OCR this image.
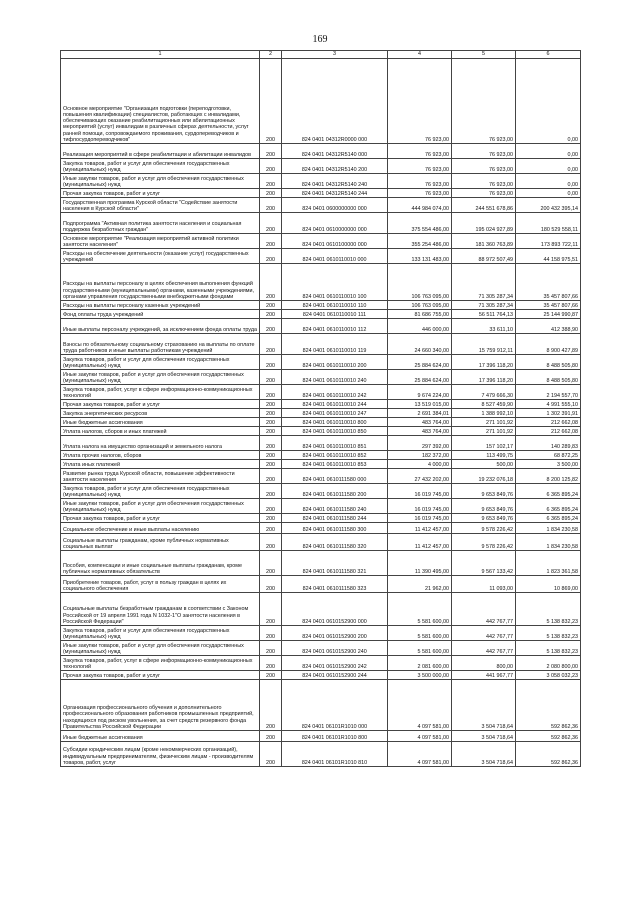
169
1	2	3	4	5	6
Основное мероприятие "Организация подготовки (переподготовки, повышения квалификации) специалистов, работающих с инвалидами, обеспечивающих оказание реабилитационных или абилитационных мероприятий (услуг) инвалидам в различных сферах деятельности, услуг ранней помощи, сопровождаемого проживания, сурдопереводчиков и тифлосурдопереводчиков"	200	824 0401 04312R0000 000	76 923,00	76 923,00	0,00
Реализация мероприятий в сфере реабилитации и абилитации инвалидов	200	824 0401 04312R5140 000	76 923,00	76 923,00	0,00
Закупка товаров, работ и услуг для обеспечения государственных (муниципальных) нужд	200	824 0401 04312R5140 200	76 923,00	76 923,00	0,00
Иные закупки товаров, работ и услуг для обеспечения государственных (муниципальных) нужд	200	824 0401 04312R5140 240	76 923,00	76 923,00	0,00
Прочая закупка товаров, работ и услуг	200	824 0401 04312R5140 244	76 923,00	76 923,00	0,00
Государственная программа Курской области "Содействие занятости населения в Курской области"	200	824 0401 0600000000 000	444 984 074,00	244 551 678,86	200 432 395,14
Подпрограмма "Активная политика занятости населения и социальная поддержка безработных граждан"	200	824 0401 0610000000 000	375 554 486,00	195 024 927,89	180 529 558,11
Основное мероприятие "Реализация мероприятий активной политики занятости населения"	200	824 0401 0610100000 000	355 254 486,00	181 360 763,89	173 893 722,11
Расходы на обеспечение деятельности (оказание услуг) государственных учреждений	200	824 0401 0610110010 000	133 131 483,00	88 972 507,49	44 158 975,51
Расходы на выплаты персоналу в целях обеспечения выполнения функций государственными (муниципальными) органами, казенными учреждениями, органами управления государственными внебюджетными фондами	200	824 0401 0610110010 100	106 763 095,00	71 305 287,34	35 457 807,66
Расходы на выплаты персоналу казенных учреждений	200	824 0401 0610110010 110	106 763 095,00	71 305 287,34	35 457 807,66
Фонд оплаты труда учреждений	200	824 0401 0610110010 111	81 686 755,00	56 511 764,13	25 144 990,87
Иные выплаты персоналу учреждений, за исключением фонда оплаты труда	200	824 0401 0610110010 112	446 000,00	33 611,10	412 388,90
Взносы по обязательному социальному страхованию на выплаты по оплате труда работников и иные выплаты работникам учреждений	200	824 0401 0610110010 119	24 660 340,00	15 759 912,11	8 900 427,89
Закупка товаров, работ и услуг для обеспечения государственных (муниципальных) нужд	200	824 0401 0610110010 200	25 884 624,00	17 396 118,20	8 488 505,80
Иные закупки товаров, работ и услуг для обеспечения государственных (муниципальных) нужд	200	824 0401 0610110010 240	25 884 624,00	17 396 118,20	8 488 505,80
Закупка товаров, работ, услуг в сфере информационно-коммуникационных технологий	200	824 0401 0610110010 242	9 674 224,00	7 479 666,30	2 194 557,70
Прочая закупка товаров, работ и услуг	200	824 0401 0610110010 244	13 519 015,00	8 527 459,90	4 991 555,10
Закупка энергетических ресурсов	200	824 0401 0610110010 247	2 691 384,01	1 388 992,10	1 302 391,91
Иные бюджетные ассигнования	200	824 0401 0610110010 800	483 764,00	271 101,92	212 662,08
Уплата налогов, сборов и иных платежей	200	824 0401 0610110010 850	483 764,00	271 101,92	212 662,08
Уплата налога на имущество организаций и земельного налога	200	824 0401 0610110010 851	297 392,00	157 102,17	140 289,83
Уплата прочих налогов, сборов	200	824 0401 0610110010 852	182 372,00	113 499,75	68 872,25
Уплата иных платежей	200	824 0401 0610110010 853	4 000,00	500,00	3 500,00
Развитие рынка труда Курской области, повышение эффективности занятости населения	200	824 0401 0610111580 000	27 432 202,00	19 232 076,18	8 200 125,82
Закупка товаров, работ и услуг для обеспечения государственных (муниципальных) нужд	200	824 0401 0610111580 200	16 019 745,00	9 653 849,76	6 365 895,24
Иные закупки товаров, работ и услуг для обеспечения государственных (муниципальных) нужд	200	824 0401 0610111580 240	16 019 745,00	9 653 849,76	6 365 895,24
Прочая закупка товаров, работ и услуг	200	824 0401 0610111580 244	16 019 745,00	9 653 849,76	6 365 895,24
Социальное обеспечение и иные выплаты населению	200	824 0401 0610111580 300	11 412 457,00	9 578 226,42	1 834 230,58
Социальные выплаты гражданам, кроме публичных нормативных социальных выплат	200	824 0401 0610111580 320	11 412 457,00	9 578 226,42	1 834 230,58
Пособия, компенсации и иные социальные выплаты гражданам, кроме публичных нормативных обязательств	200	824 0401 0610111580 321	11 390 495,00	9 567 133,42	1 823 361,58
Приобретение товаров, работ, услуг в пользу граждан в целях их социального обеспечения	200	824 0401 0610111580 323	21 962,00	11 093,00	10 869,00
Социальные выплаты безработным гражданам в соответствии с Законом Российской от 19 апреля 1991 года N 1032-1"О занятости населения в Российской Федерации"	200	824 0401 0610152900 000	5 581 600,00	442 767,77	5 138 832,23
Закупка товаров, работ и услуг для обеспечения государственных (муниципальных) нужд	200	824 0401 0610152900 200	5 581 600,00	442 767,77	5 138 832,23
Иные закупки товаров, работ и услуг для обеспечения государственных (муниципальных) нужд	200	824 0401 0610152900 240	5 581 600,00	442 767,77	5 138 832,23
Закупка товаров, работ, услуг в сфере информационно-коммуникационных технологий	200	824 0401 0610152900 242	2 081 600,00	800,00	2 080 800,00
Прочая закупка товаров, работ и услуг	200	824 0401 0610152900 244	3 500 000,00	441 967,77	3 058 032,23
Организация профессионального обучения и дополнительного профессионального образования работников промышленных предприятий, находящихся под риском увольнения, за счет средств резервного фонда Правительства Российской Федерации	200	824 0401 06101R1010 000	4 097 581,00	3 504 718,64	592 862,36
Иные бюджетные ассигнования	200	824 0401 06101R1010 800	4 097 581,00	3 504 718,64	592 862,36
Субсидии юридическим лицам (кроме некоммерческих организаций), индивидуальным предпринимателям, физическим лицам - производителям товаров, работ, услуг	200	824 0401 06101R1010 810	4 097 581,00	3 504 718,64	592 862,36
